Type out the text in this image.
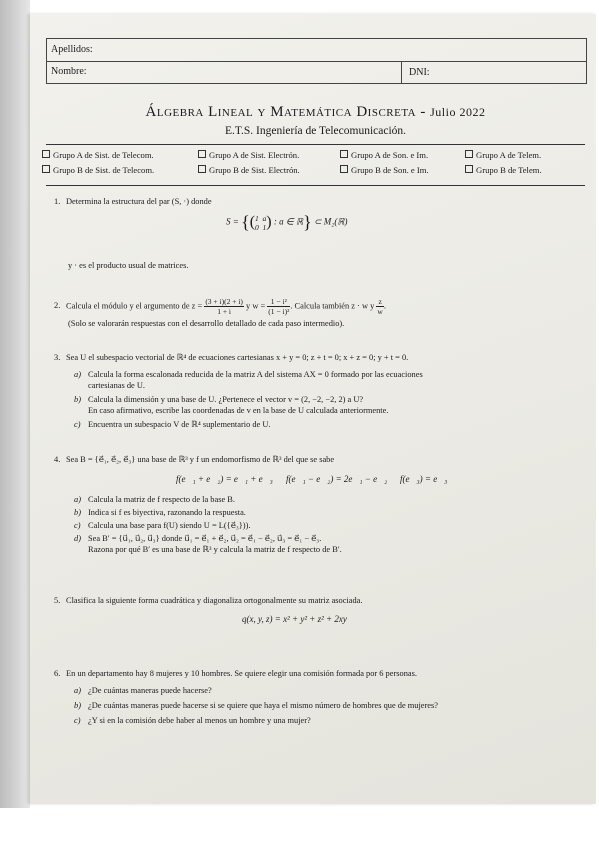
Apellidos:
Nombre:	DNI:
Álgebra Lineal y Matemática Discreta - Julio 2022
E.T.S. Ingeniería de Telecomunicación.
Grupo A de Sist. de Telecom.	Grupo A de Sist. Electrón.	Grupo A de Son. e Im.	Grupo A de Telem.
Grupo B de Sist. de Telecom.	Grupo B de Sist. Electrón.	Grupo B de Son. e Im.	Grupo B de Telem.
1. Determina la estructura del par (S, ·) donde
S = {(1 a
0 1) : a ∈ ℝ} ⊂ M₂(ℝ)
y · es el producto usual de matrices.
2. Calcula el módulo y el argumento de $z = \frac{(3 + i)(2 + i)}{1 + i}$ y $w = \frac{\text{1 − i²}}{\text{(1 − i)²}}$ . Calcula también z · w y $\frac{z}{w}$ .
(Solo se valorarán respuestas con el desarrollo detallado de cada paso intermedio).
3. Sea U el subespacio vectorial de ℝ⁴ de ecuaciones cartesianas x + y = 0; z + t = 0; x + z = 0; y + t = 0.
a) Calcula la forma escalonada reducida de la matriz A del sistema AX = 0 formado por las ecuaciones
cartesianas de U.
b) Calcula la dimensión y una base de U. ¿Pertenece el vector v = (2, −2, −2, 2) a U?
En caso afirmativo, escribe las coordenadas de v en la base de U calculada anteriormente.
c) Encuentra un subespacio V de ℝ⁴ suplementario de U.
4. Sea B = {e⃗₁, e⃗₂, e⃗₃} una base de ℝ³ y f un endomorfismo de ℝ³ del que se sabe
f(e⃗₁ + e⃗₂) = e⃗₁ + e⃗₃ f(e⃗₁ − e⃗₂) = 2e⃗₁ − e⃗₂ f(e⃗₃) = e⃗₃
a) Calcula la matriz de f respecto de la base B.
b) Indica si f es biyectiva, razonando la respuesta.
c) Calcula una base para f(U) siendo U = L({e⃗₃})).
d) Sea B′ = {u⃗₁, u⃗₂, u⃗₃} donde u⃗₁ = e⃗₁ + e⃗₂, u⃗₂ = e⃗₁ − e⃗₂, u⃗₃ = e⃗₁ − e⃗₃.
Razona por qué B′ es una base de ℝ³ y calcula la matriz de f respecto de B′.
5. Clasifica la siguiente forma cuadrática y diagonaliza ortogonalmente su matriz asociada.
q(x, y, z) = x² + y² + z² + 2xy
6. En un departamento hay 8 mujeres y 10 hombres. Se quiere elegir una comisión formada por 6 personas.
a) ¿De cuántas maneras puede hacerse?
b) ¿De cuántas maneras puede hacerse si se quiere que haya el mismo número de hombres que de mujeres?
c) ¿Y si en la comisión debe haber al menos un hombre y una mujer?
